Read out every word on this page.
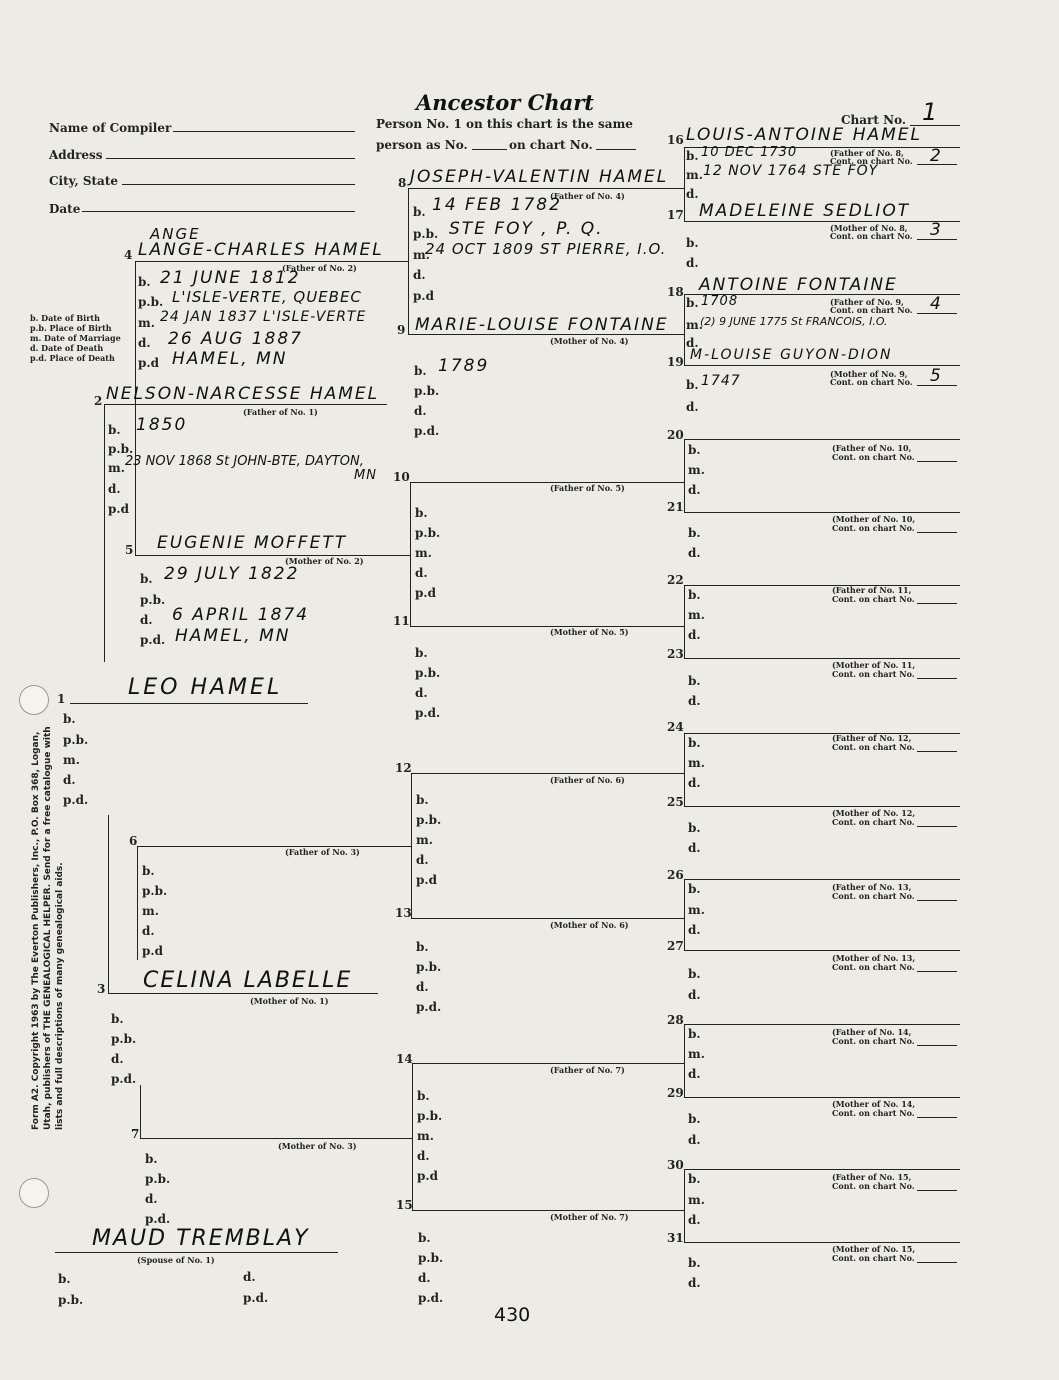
Ancestor Chart
Name of Compiler
Address
City, State
Date
Person No. 1 on this chart is the same
person as No.	on chart No.
Chart No. 1
b. Date of Birth
p.b. Place of Birth
m. Date of Marriage
d. Date of Death
p.d. Place of Death
Form A2. Copyright 1963 by The Everton Publishers, Inc., P.O. Box 368, Logan, Utah, publishers of THE GENEALOGICAL HELPER. Send for a free catalogue with lists and full descriptions of many genealogical aids.
16 LOUIS-ANTOINE HAMEL
b. 10 DEC 1730	(Father of No. 8,
Cont. on chart No. 2
m. 12 NOV 1764 STE FOY
d.
17 MADELEINE SEDLIOT
(Mother of No. 8,
Cont. on chart No. 3
b.
d.
18 ANTOINE FONTAINE
b. 1708	(Father of No. 9,
Cont. on chart No. 4
m.
(2) 9 JUNE 1775 St FRANCOIS, I.O.
d.
19 M-LOUISE GUYON-DION
b. 1747	(Mother of No. 9,
Cont. on chart No. 5
d.
20
b.
m.
d.
(Father of No. 10,
Cont. on chart No.
21
b.
d.
(Mother of No. 10,
Cont. on chart No.
22
b.
m.
d.
(Father of No. 11,
Cont. on chart No.
23
b.
d.
(Mother of No. 11,
Cont. on chart No.
24
b.
m.
d.
(Father of No. 12,
Cont. on chart No.
25
b.
d.
(Mother of No. 12,
Cont. on chart No.
26
b.
m.
d.
(Father of No. 13,
Cont. on chart No.
27
b.
d.
(Mother of No. 13,
Cont. on chart No.
28
b.
m.
d.
(Father of No. 14,
Cont. on chart No.
29
b.
d.
(Mother of No. 14,
Cont. on chart No.
30
b.
m.
d.
(Father of No. 15,
Cont. on chart No.
31
b.
d.
(Mother of No. 15,
Cont. on chart No.
8 JOSEPH-VALENTIN HAMEL
(Father of No. 4)
b. 14 FEB 1782
p.b. STE FOY , P. Q.
m.
24 OCT 1809 ST PIERRE, I.O.
d.
p.d
9 MARIE-LOUISE FONTAINE
(Mother of No. 4)
b. 1789
p.b.
d.
p.d.
10
(Father of No. 5)
b.
p.b.
m.
d.
p.d
11
(Mother of No. 5)
b.
p.b.
d.
p.d.
12
(Father of No. 6)
b.
p.b.
m.
d.
p.d
13
(Mother of No. 6)
b.
p.b.
d.
p.d.
14
(Father of No. 7)
b.
p.b.
m.
d.
p.d
15
(Mother of No. 7)
b.
p.b.
d.
p.d.
ANGE
4 LANGE-CHARLES HAMEL
(Father of No. 2)
b. 21 JUNE 1812
p.b. L'ISLE-VERTE, QUEBEC
m. 24 JAN 1837 L'ISLE-VERTE
d. 26 AUG 1887
p.d HAMEL, MN
5 EUGENIE MOFFETT
(Mother of No. 2)
b. 29 JULY 1822
p.b.
d. 6 APRIL 1874
p.d. HAMEL, MN
6
(Father of No. 3)
b.
p.b.
m.
d.
p.d
7
(Mother of No. 3)
b.
p.b.
d.
p.d.
2 NELSON-NARCESSE HAMEL
(Father of No. 1)
b. 1850
p.b.
m. 23 NOV 1868 St JOHN-BTE, DAYTON,
MN
d.
p.d
3 CELINA LABELLE
(Mother of No. 1)
b.
p.b.
d.
p.d.
1	LEO HAMEL
b.
p.b.
m.
d.
p.d.
MAUD TREMBLAY
(Spouse of No. 1)
b.
p.b.
d.
p.d.
430
